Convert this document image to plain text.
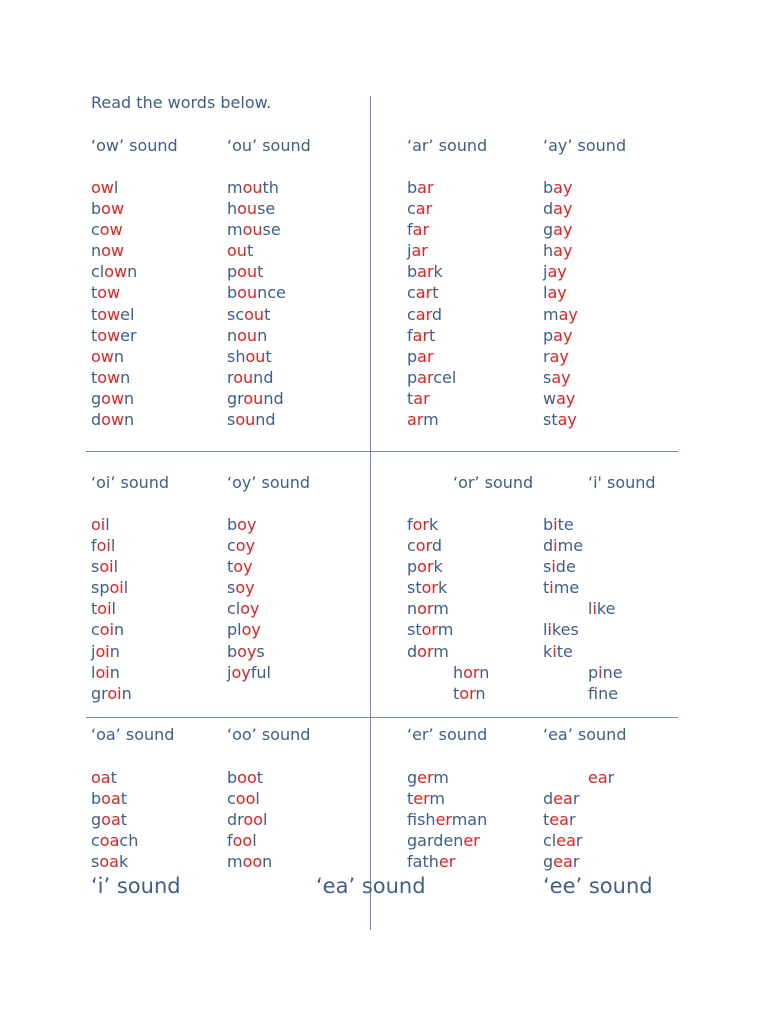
Read the words below.
‘ow’ sound
owl
bow
cow
now
clown
tow
towel
tower
own
town
gown
down
‘ou’ sound
mouth
house
mouse
out
pout
bounce
scout
noun
shout
round
ground
sound
‘ar’ sound
bar
car
far
jar
bark
cart
card
fart
par
parcel
tar
arm
‘ay’ sound
bay
day
gay
hay
jay
lay
may
pay
ray
say
way
stay
‘oi’ sound
oil
foil
soil
spoil
toil
coin
join
loin
groin
‘oy’ sound
boy
coy
toy
soy
cloy
ploy
boys
joyful
‘or’ sound
fork
cord
pork
stork
norm
storm
dorm
horn
torn
‘i' sound
bite
dime
side
time
like
likes
kite
pine
fne
‘oa’ sound
oat
boat
goat
coach
soak
‘oo’ sound
boot
cool
drool
fool
moon
‘er’ sound
germ
term
fisherman
gardener
father
‘ea’ sound
ear
dear
tear
clear
gear
‘i’ sound	‘ea’ sound	‘ee’ sound
